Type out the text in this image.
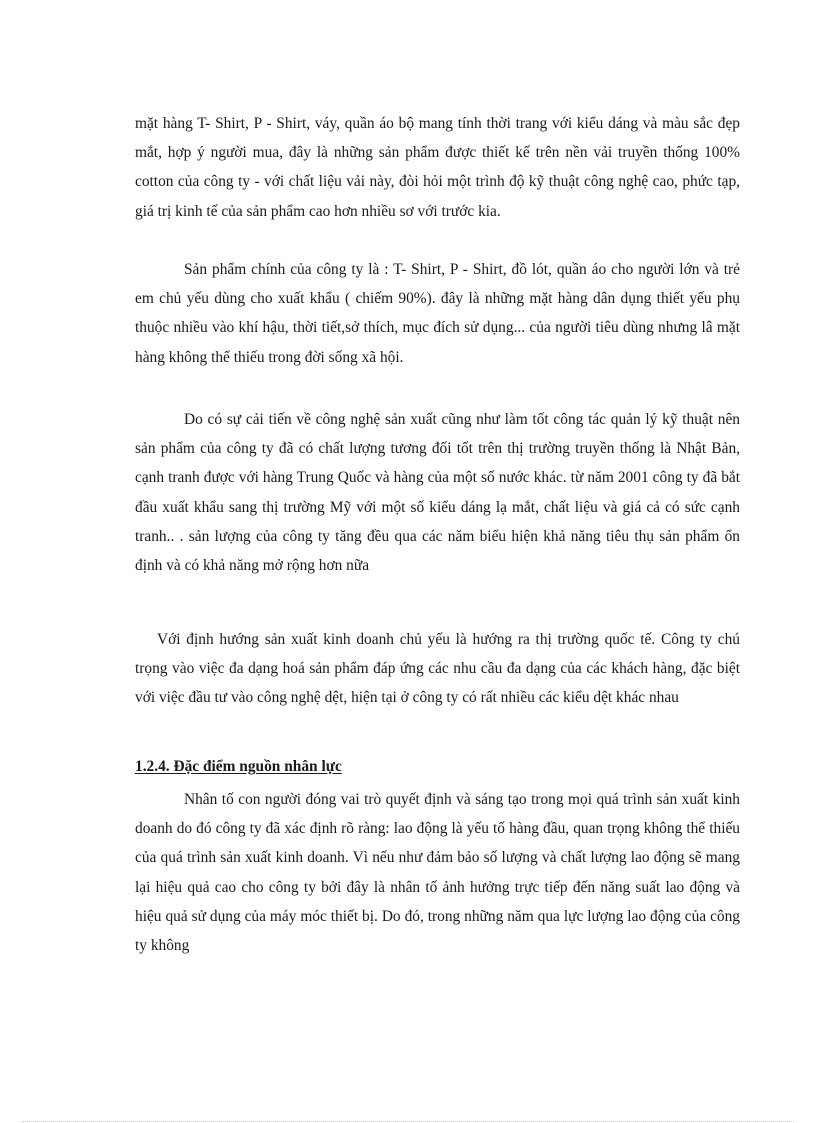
mặt hàng T- Shirt, P - Shirt, váy, quần áo bộ mang tính thời trang với kiểu dáng và màu sắc đẹp mắt, hợp ý người mua, đây là những sản phẩm được thiết kế trên nền vải truyền thống 100% cotton của công ty - với chất liệu vải này, đòi hỏi một trình độ kỹ thuật công nghệ cao, phức tạp, giá trị kinh tế của sản phẩm cao hơn nhiều sơ với trước kia.

Sản phẩm chính của công ty là : T- Shirt, P - Shirt, đồ lót, quần áo cho người lớn và trẻ em chủ yếu dùng cho xuất khẩu ( chiếm 90%). đây là những mặt hàng dân dụng thiết yếu phụ thuộc nhiều vào khí hậu, thời tiết,sở thích, mục đích sử dụng... của người tiêu dùng nhưng lâ mặt hàng không thể thiếu trong đời sống xã hội.

Do có sự cải tiến về công nghệ sản xuất cũng như làm tốt công tác quản lý kỹ thuật nên sản phẩm của công ty đã có chất lượng tương đối tốt trên thị trường truyền thống là Nhật Bản, cạnh tranh được với hàng Trung Quốc và hàng của một số nước khác. từ năm 2001 công ty đã bắt đầu xuất khẩu sang thị trường Mỹ với một số kiểu dáng lạ mắt, chất liệu và giá cả có sức cạnh tranh.. . sản lượng của công ty tăng đều qua các năm biểu hiện khả năng tiêu thụ sản phẩm ổn định và có khả năng mở rộng hơn nữa

Với định hướng sản xuất kinh doanh chủ yếu là hướng ra thị trường quốc tế. Công ty chú trọng vào việc đa dạng hoá sản phẩm đáp ứng các nhu cầu đa dạng của các khách hàng, đặc biệt với việc đầu tư vào công nghệ dệt, hiện tại ở công ty có rất nhiều các kiểu dệt khác nhau

1.2.4. Đặc điểm nguồn nhân lực

Nhân tố con người đóng vai trò quyết định và sáng tạo trong mọi quá trình sản xuất kinh doanh do đó công ty đã xác định rõ ràng: lao động là yếu tố hàng đầu, quan trọng không thể thiếu của quá trình sản xuất kinh doanh. Vì nếu như đảm bảo số lượng và chất lượng lao động sẽ mang lại hiệu quả cao cho công ty bởi đây là nhân tố ảnh hưởng trực tiếp đến năng suất lao động và hiệu quả sử dụng của máy móc thiết bị. Do đó, trong những năm qua lực lượng lao động của công ty không
